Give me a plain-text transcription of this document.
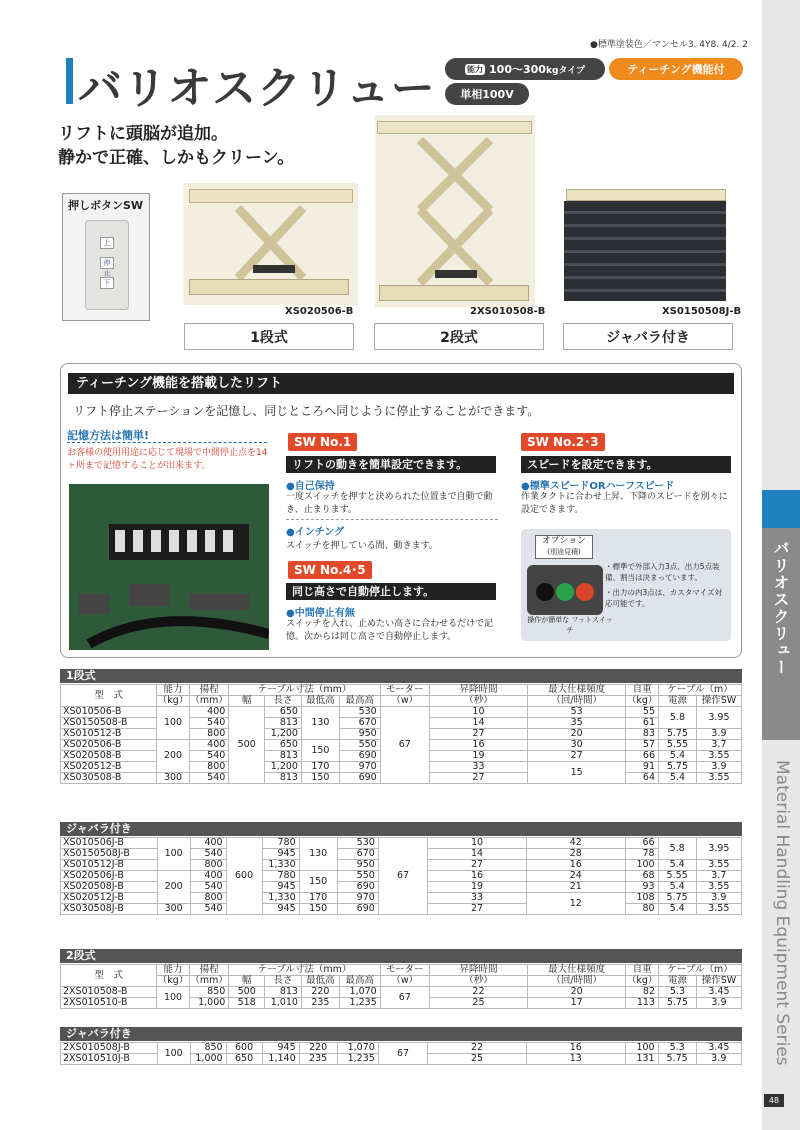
●標準塗装色／マンセル3. 4Y8. 4/2. 2
バリオスクリュー	能力 100〜300 kgタイプ	ティーチング機能付
単相100V
リフトに頭脳が追加。
静かで正確、しかもクリーン。
押しボタンSW
上
停止
下
XS020506-B	2XS010508-B	XS0150508J-B
1段式	2段式	ジャバラ付き
バリオスクリュー
Material Handling Equipment Series
48
ティーチング機能を搭載したリフト
リフト停止ステーションを記憶し、同じところへ同じように停止することができます。
記憶方法は簡単!
お客様の使用用途に応じて現場で中間停止点を14ヶ所まで記憶することが出来ます。
SW No.1
リフトの動きを簡単設定できます。
●自己保持
一度スイッチを押すと決められた位置まで自動で動き、止まります。
●インチング
スイッチを押している間、動きます。
SW No.4･5
同じ高さで自動停止します。
●中間停止有無
スイッチを入れ、止めたい高さに合わせるだけで記憶。次からは同じ高さで自動停止します。
SW No.2･3
スピードを設定できます。
●標準スピードORハーフスピード
作業タクトに合わせ上昇、下降のスピードを別々に設定できます。
オプション
(別途見積)
操作が簡単な フットスイッチ
・標準で外部入力3点、出力5点装備、割当は決まっています。
・出力の内3点は、カスタマイズ対応可能です。
1段式
型　式	能力	揚程	テーブル寸法（mm）				モーター	昇降時間	最大仕様頻度	自重	ケーブル（m）	
	（kg）	（mm）	幅	長さ	最低高	最高高	（w）	（秒）	（回/時間）	（kg）	電源	操作SW
XS010506-B	100	400	500	650	130	530	67	10	53	55	5.8	3.95
XS0150508-B		540		813		670		14	35	61		
XS010512-B		800		1,200		950		27	20	83	5.75	3.9
XS020506-B	200	400		650	150	550		16	30	57	5.55	3.7
XS020508-B		540		813		690		19	27	66	5.4	3.55
XS020512-B		800		1,200	170	970		33	15	91	5.75	3.9
XS030508-B	300	540		813	150	690		27		64	5.4	3.55
ジャバラ付き
XS010506J-B	100	400	600	780	130	530	67	10	42	66	5.8	3.95
XS0150508J-B		540		945		670		14	28	78		
XS010512J-B		800		1,330		950		27	16	100	5.4	3.55
XS020506J-B	200	400		780	150	550		16	24	68	5.55	3.7
XS020508J-B		540		945		690		19	21	93	5.4	3.55
XS020512J-B		800		1,330	170	970		33	12	108	5.75	3.9
XS030508J-B	300	540		945	150	690		27		80	5.4	3.55
2段式
型　式	能力	揚程	テーブル寸法（mm）				モーター	昇降時間	最大仕様頻度	自重	ケーブル（m）	
	（kg）	（mm）	幅	長さ	最低高	最高高	（w）	（秒）	（回/時間）	（kg）	電源	操作SW
2XS010508-B	100	850	500	813	220	1,070	67	22	20	82	5.3	3.45
2XS010510-B		1,000	518	1,010	235	1,235		25	17	113	5.75	3.9
ジャバラ付き
2XS010508J-B	100	850	600	945	220	1,070	67	22	16	100	5.3	3.45
2XS010510J-B		1,000	650	1,140	235	1,235		25	13	131	5.75	3.9
